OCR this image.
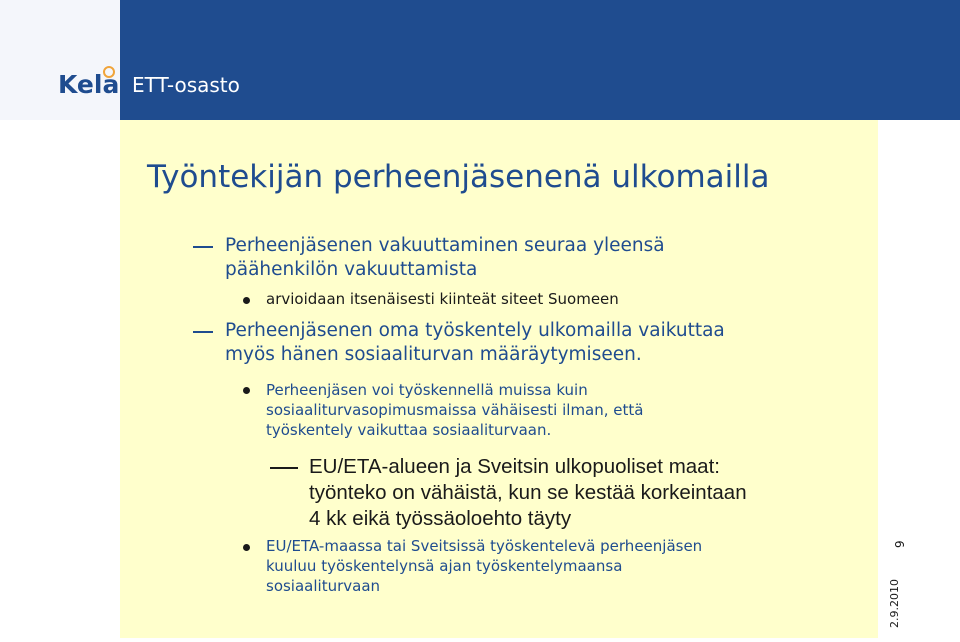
Kela ETT-osasto
Työntekijän perheenjäsenenä ulkomailla
Perheenjäsenen vakuuttaminen seuraa yleensä
päähenkilön vakuuttamista
arvioidaan itsenäisesti kiinteät siteet Suomeen
Perheenjäsenen oma työskentely ulkomailla vaikuttaa
myös hänen sosiaaliturvan määräytymiseen.
Perheenjäsen voi työskennellä muissa kuin
sosiaaliturvasopimusmaissa vähäisesti ilman, että
työskentely vaikuttaa sosiaaliturvaan.
EU/ETA-alueen ja Sveitsin ulkopuoliset maat:
työnteko on vähäistä, kun se kestää korkeintaan
4 kk eikä työssäoloehto täyty
EU/ETA-maassa tai Sveitsissä työskentelevä perheenjäsen
kuuluu työskentelynsä ajan työskentelymaansa
sosiaaliturvaan
9
2.9.2010
